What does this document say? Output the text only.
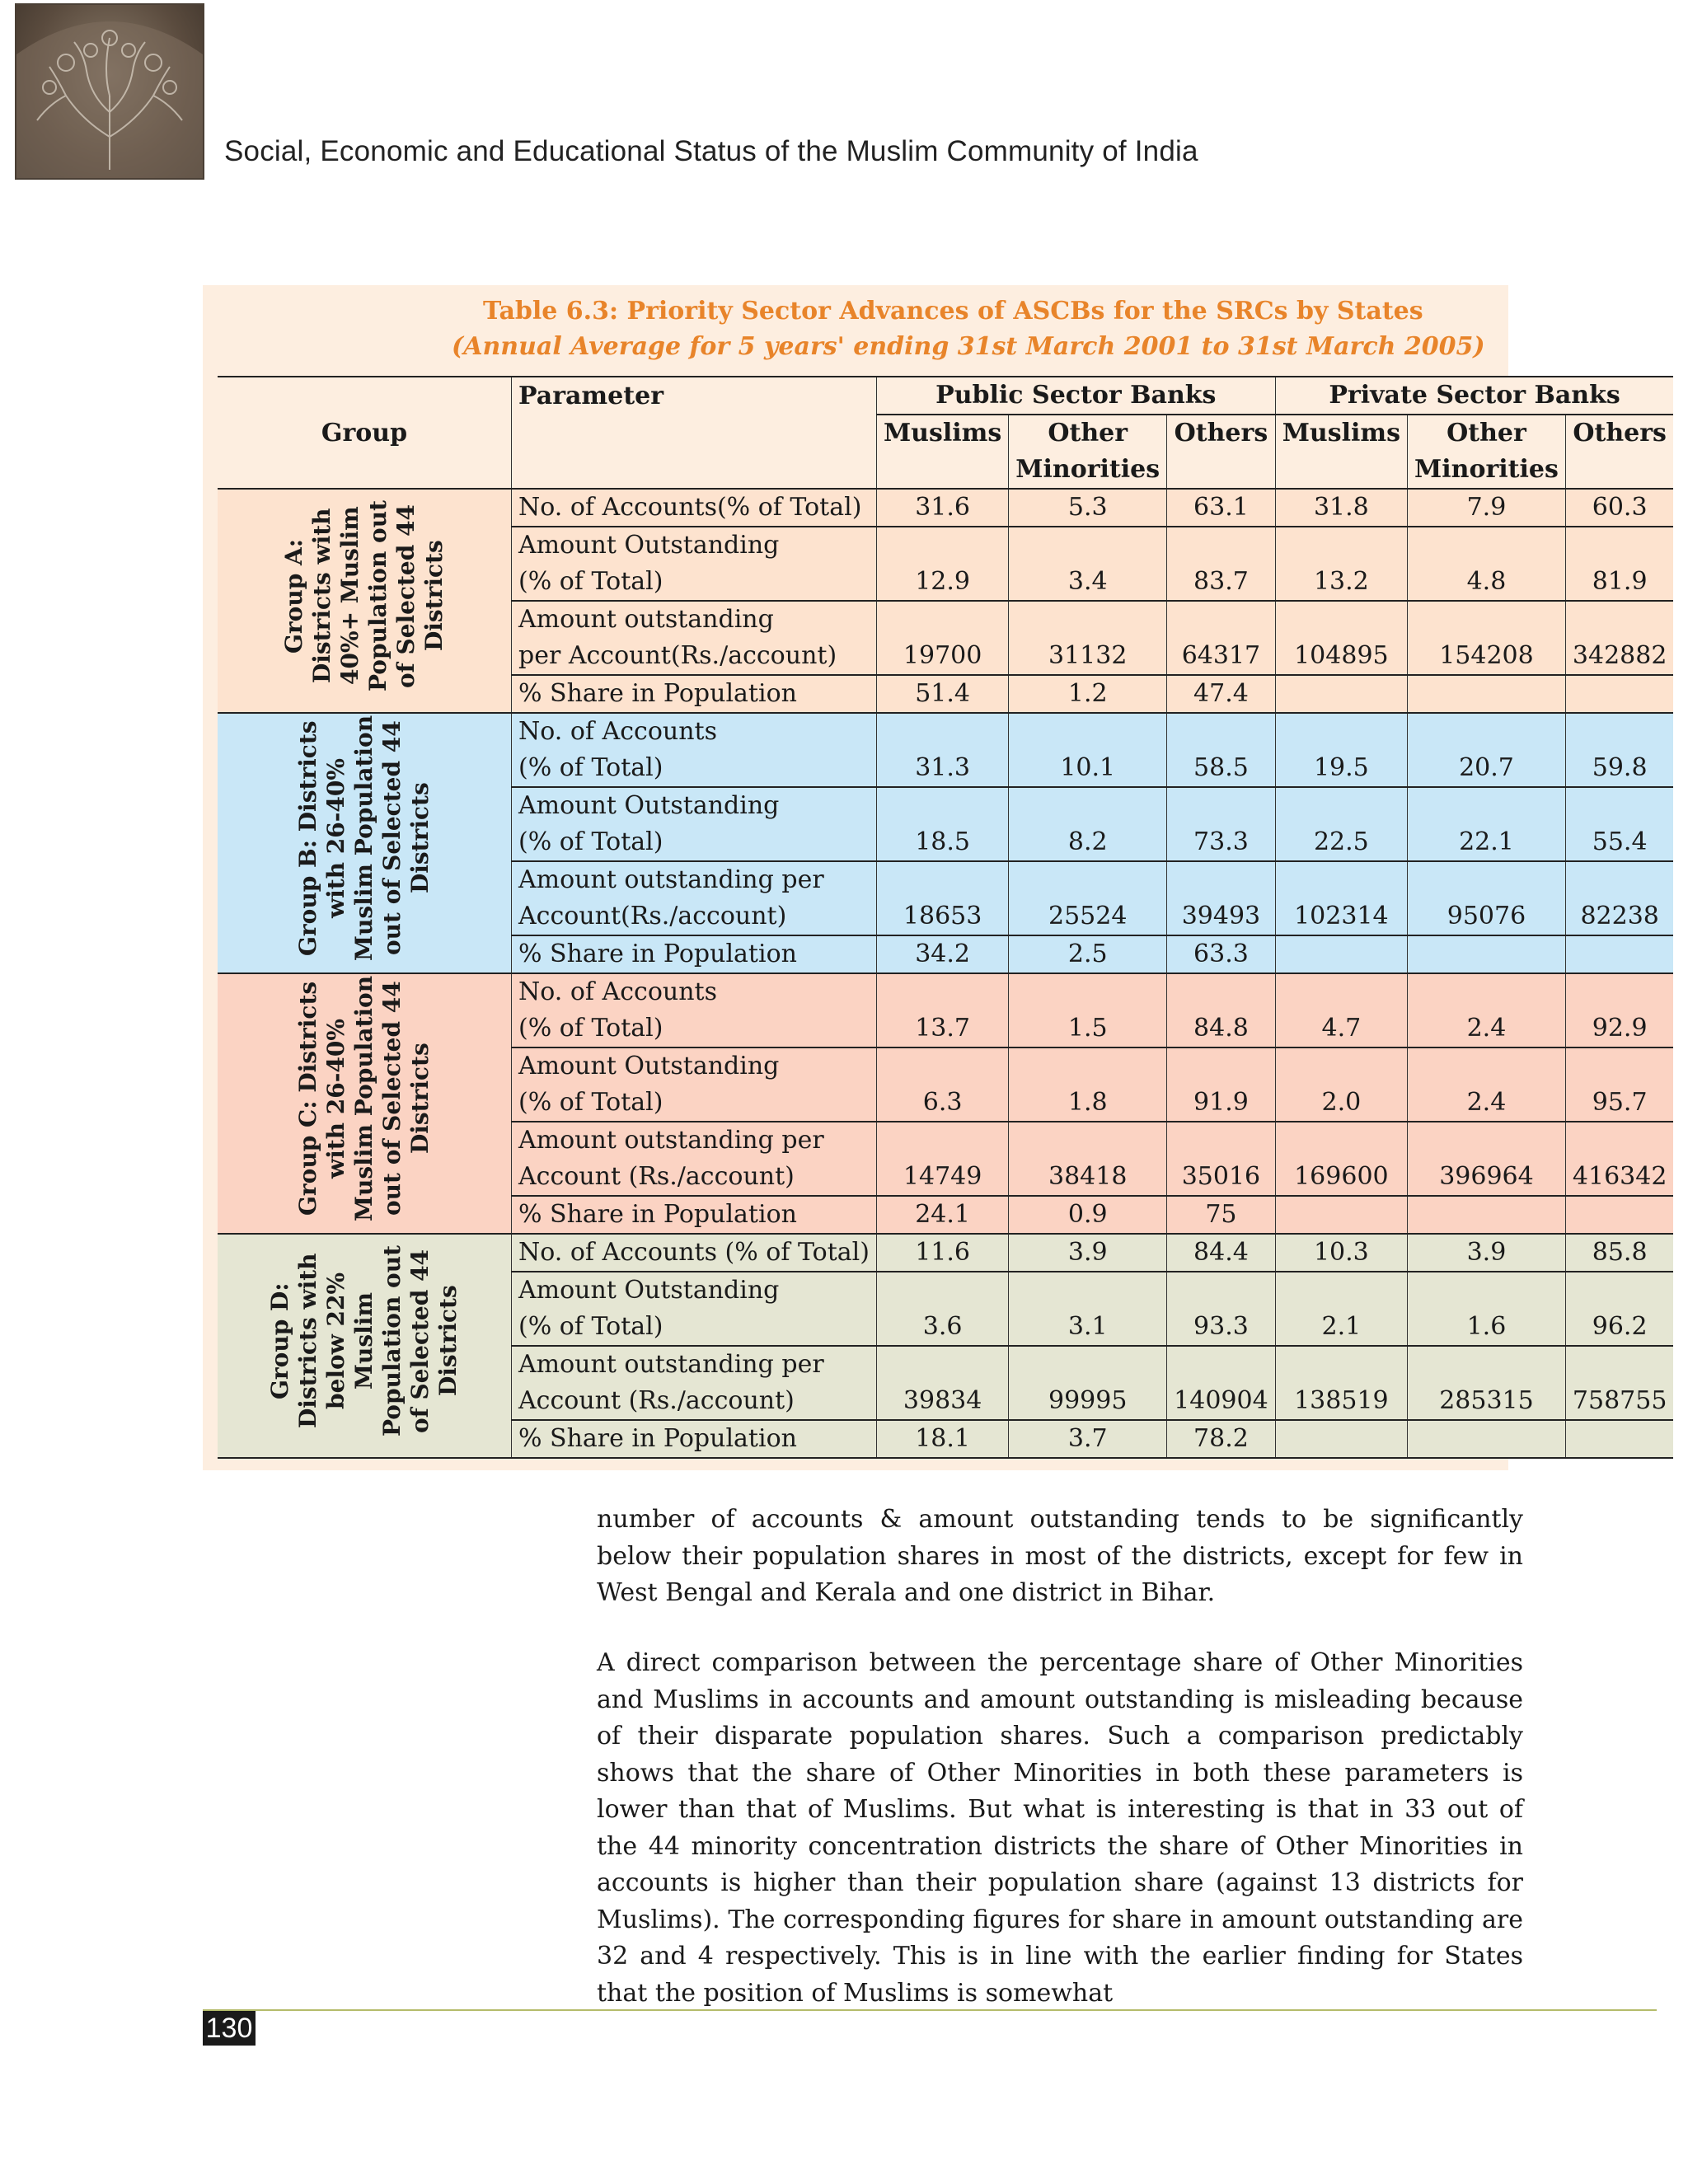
Social, Economic and Educational Status of the Muslim Community of India
Table 6.3: Priority Sector Advances of ASCBs for the SRCs by States
(Annual Average for 5 years' ending 31st March 2001 to 31st March 2005)
	Parameter	Public Sector Banks			Private Sector Banks		
Group		Muslims	Other	Others	Muslims	Other	Others
			Minorities			Minorities	
Group A: Districts with 40%+ Muslim Population out of Selected 44 Districts	No. of Accounts(% of Total)	31.6	5.3	63.1	31.8	7.9	60.3
	Amount Outstanding						
	(% of Total)	12.9	3.4	83.7	13.2	4.8	81.9
	Amount outstanding						
	per Account(Rs./account)	19700	31132	64317	104895	154208	342882
	% Share in Population	51.4	1.2	47.4			
Group B: Districts with 26-40% Muslim Population out of Selected 44 Districts	No. of Accounts						
	(% of Total)	31.3	10.1	58.5	19.5	20.7	59.8
	Amount Outstanding						
	(% of Total)	18.5	8.2	73.3	22.5	22.1	55.4
	Amount outstanding per						
	Account(Rs./account)	18653	25524	39493	102314	95076	82238
	% Share in Population	34.2	2.5	63.3			
Group C: Districts with 26-40% Muslim Population out of Selected 44 Districts	No. of Accounts						
	(% of Total)	13.7	1.5	84.8	4.7	2.4	92.9
	Amount Outstanding						
	(% of Total)	6.3	1.8	91.9	2.0	2.4	95.7
	Amount outstanding per						
	Account (Rs./account)	14749	38418	35016	169600	396964	416342
	% Share in Population	24.1	0.9	75			
Group D: Districts with below 22% Muslim Population out of Selected 44 Districts	No. of Accounts (% of Total)	11.6	3.9	84.4	10.3	3.9	85.8
	Amount Outstanding						
	(% of Total)	3.6	3.1	93.3	2.1	1.6	96.2
	Amount outstanding per						
	Account (Rs./account)	39834	99995	140904	138519	285315	758755
	% Share in Population	18.1	3.7	78.2			
number of accounts & amount outstanding tends to be significantly below their population shares in most of the districts, except for few in West Bengal and Kerala and one district in Bihar.
A direct comparison between the percentage share of Other Minorities and Muslims in accounts and amount outstanding is misleading because of their disparate population shares. Such a comparison predictably shows that the share of Other Minorities in both these parameters is lower than that of Muslims. But what is interesting is that in 33 out of the 44 minority concentration districts the share of Other Minorities in accounts is higher than their population share (against 13 districts for Muslims). The corresponding figures for share in amount outstanding are 32 and 4 respectively. This is in line with the earlier finding for States that the position of Muslims is somewhat
130
